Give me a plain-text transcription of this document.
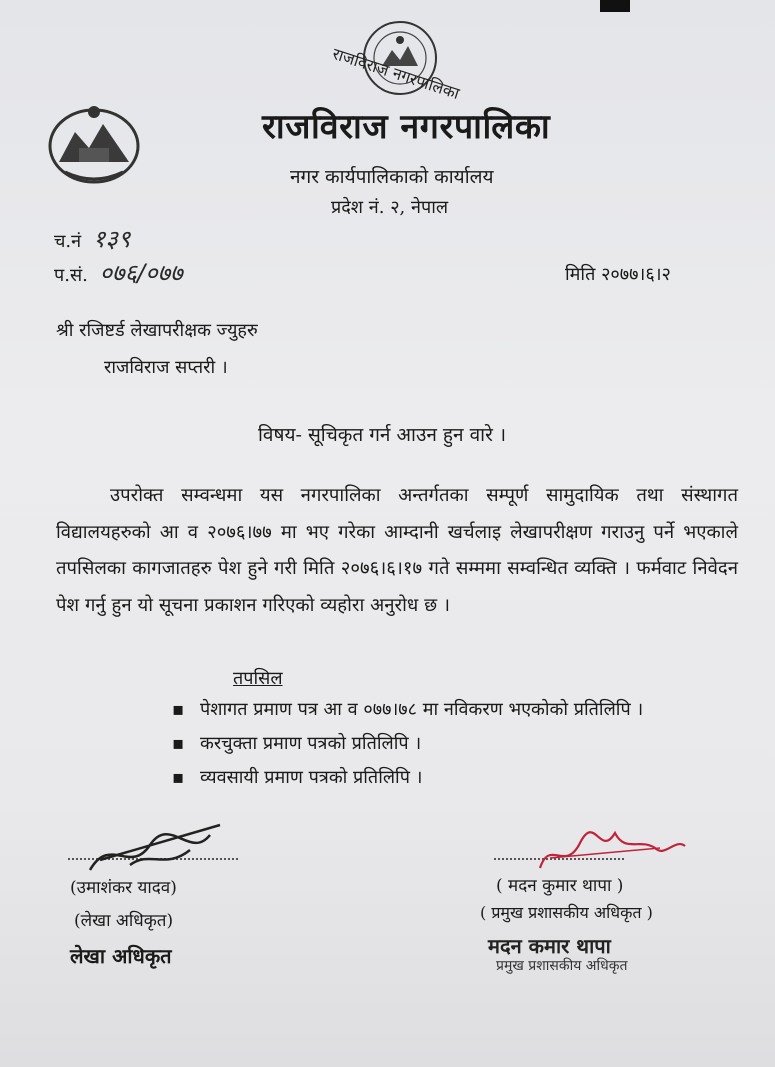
राजविराज नगरपालिका
राजविराज नगरपालिका
नगर कार्यपालिकाको कार्यालय
प्रदेश नं. २, नेपाल
च.नं १३९
प.सं. ०७६/०७७	मिति २०७७।६।२
श्री रजिष्टर्ड लेखापरीक्षक ज्युहरु
राजविराज सप्तरी ।
विषय- सूचिकृत गर्न आउन हुन वारे ।
उपरोक्त सम्वन्धमा यस नगरपालिका अन्तर्गतका सम्पूर्ण सामुदायिक तथा संस्थागत विद्यालयहरुको आ व २०७६।७७ मा भए गरेका आम्दानी खर्चलाइ लेखापरीक्षण गराउनु पर्ने भएकाले तपसिलका कागजातहरु पेश हुने गरी मिति २०७६।६।१७ गते सम्ममा सम्वन्धित व्यक्ति । फर्मवाट निवेदन पेश गर्नु हुन यो सूचना प्रकाशन गरिएको व्यहोरा अनुरोध छ ।
तपसिल
▪ पेशागत प्रमाण पत्र आ व ०७७।७८ मा नविकरण भएकोको प्रतिलिपि ।
▪ करचुक्ता प्रमाण पत्रको प्रतिलिपि ।
▪ व्यवसायी प्रमाण पत्रको प्रतिलिपि ।
(उमाशंकर यादव)
(लेखा अधिकृत)
लेखा अधिकृत
( मदन कुमार थापा )
( प्रमुख प्रशासकीय अधिकृत )
मदन कमार थापा
प्रमुख प्रशासकीय अधिकृत
